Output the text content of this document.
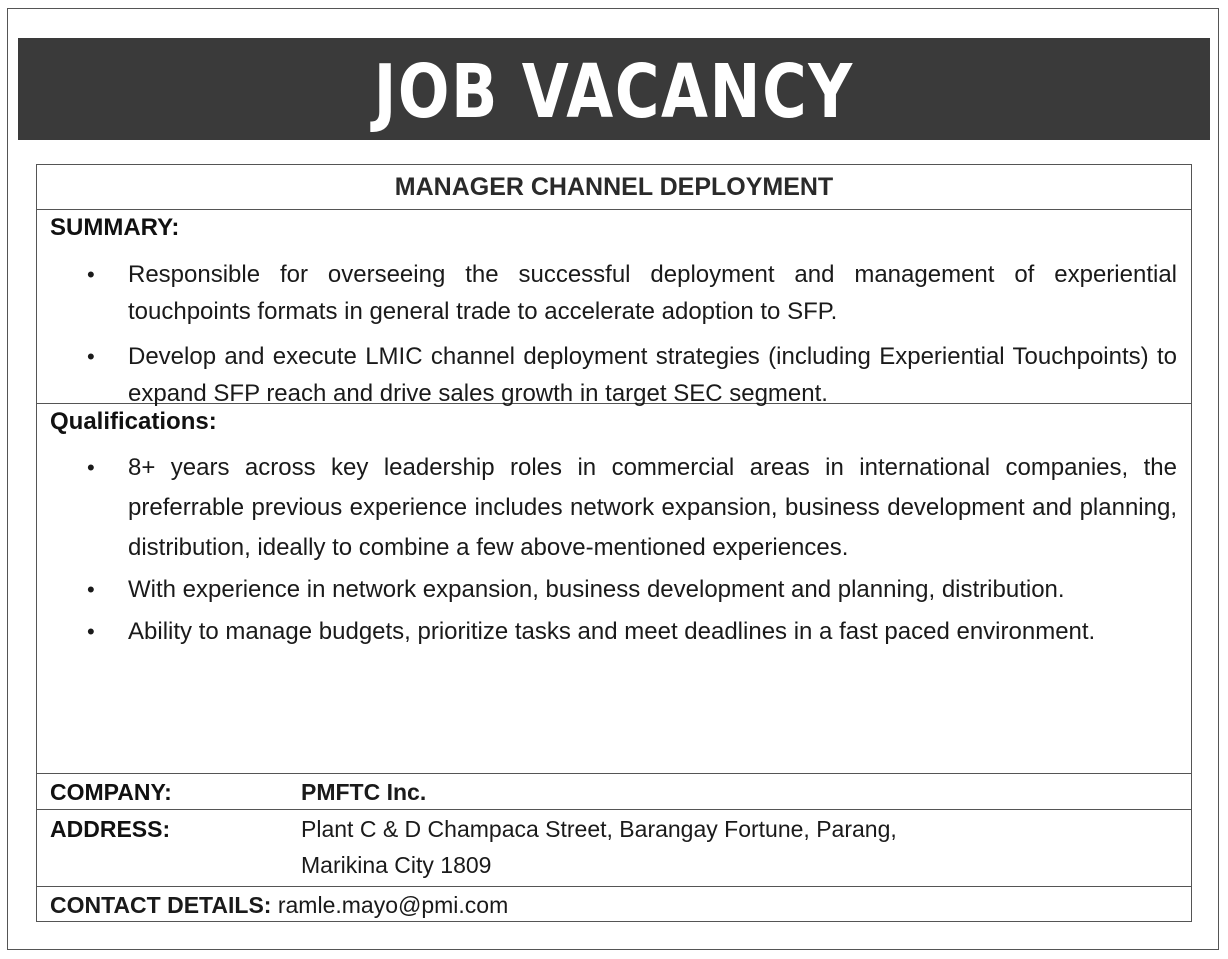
JOB VACANCY
MANAGER CHANNEL DEPLOYMENT
SUMMARY:
• Responsible for overseeing the successful deployment and management of experiential touchpoints formats in general trade to accelerate adoption to SFP.
• Develop and execute LMIC channel deployment strategies (including Experiential Touchpoints) to expand SFP reach and drive sales growth in target SEC segment.
Qualifications:
• 8+ years across key leadership roles in commercial areas in international companies, the preferrable previous experience includes network expansion, business development and planning, distribution, ideally to combine a few above-mentioned experiences.
• With experience in network expansion, business development and planning, distribution.
• Ability to manage budgets, prioritize tasks and meet deadlines in a fast paced environment.
COMPANY:	PMFTC Inc.
ADDRESS:	Plant C & D Champaca Street, Barangay Fortune, Parang,
Marikina City 1809
CONTACT DETAILS: ramle.mayo@pmi.com
